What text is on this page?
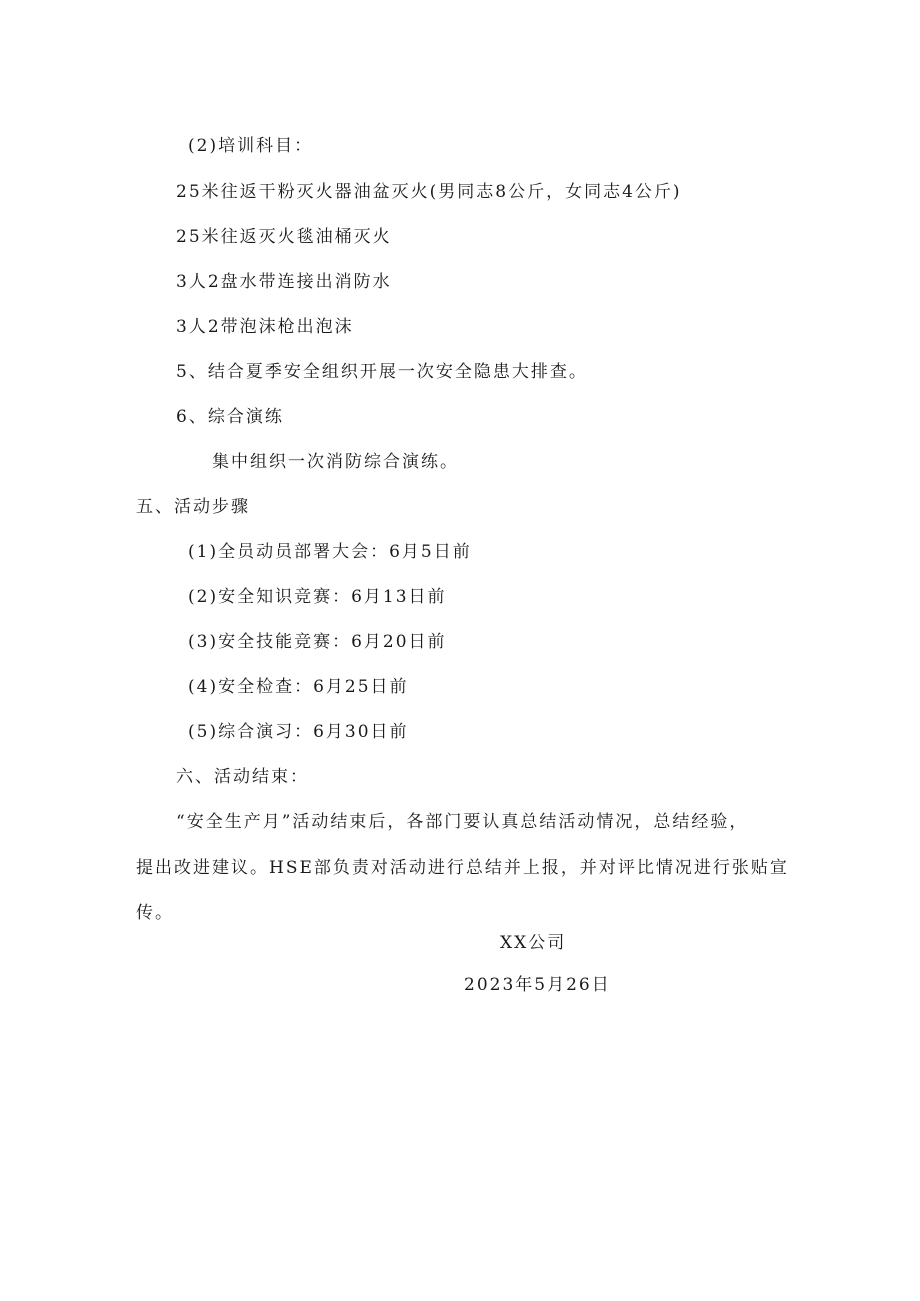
(2)培训科目：
25米往返干粉灭火器油盆灭火(男同志8公斤，女同志4公斤)
25米往返灭火毯油桶灭火
3人2盘水带连接出消防水
3人2带泡沫枪出泡沫
5、结合夏季安全组织开展一次安全隐患大排查。
6、综合演练
集中组织一次消防综合演练。
五、活动步骤
(1)全员动员部署大会：6月5日前
(2)安全知识竞赛：6月13日前
(3)安全技能竞赛：6月20日前
(4)安全检查：6月25日前
(5)综合演习：6月30日前
六、活动结束：
“安全生产月”活动结束后，各部门要认真总结活动情况，总结经验，
提出改进建议。HSE部负责对活动进行总结并上报，并对评比情况进行张贴宣
传。
XX公司
2023年5月26日
